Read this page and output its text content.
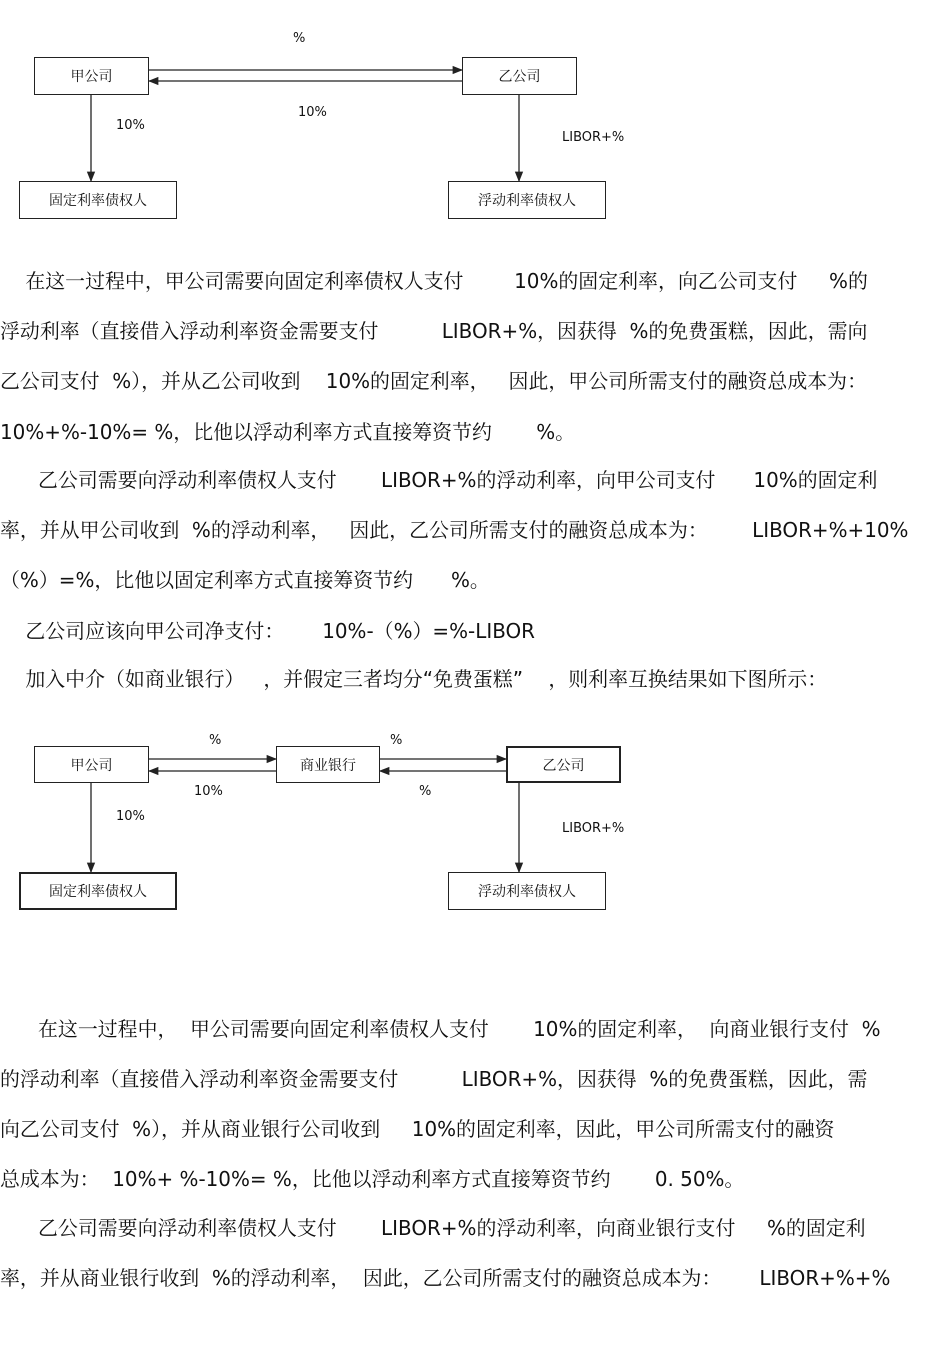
甲公司	乙公司
固定利率债权人	浮动利率债权人
%
10%
10%
LIBOR+%
在这一过程中，甲公司需要向固定利率债权人支付        10%的固定利率，向乙公司支付     %的
浮动利率（直接借入浮动利率资金需要支付          LIBOR+%，因获得  %的免费蛋糕，因此，需向
乙公司支付  %），并从乙公司收到    10%的固定利率，   因此，甲公司所需支付的融资总成本为：
10%+%-10%= %，比他以浮动利率方式直接筹资节约       %。
乙公司需要向浮动利率债权人支付       LIBOR+%的浮动利率，向甲公司支付      10%的固定利
率，并从甲公司收到  %的浮动利率，   因此，乙公司所需支付的融资总成本为：       LIBOR+%+10%
（%）=%，比他以固定利率方式直接筹资节约      %。
乙公司应该向甲公司净支付：      10%-（%）=%-LIBOR
加入中介（如商业银行）   ，并假定三者均分“免费蛋糕”    ，则利率互换结果如下图所示：
甲公司	商业银行	乙公司
固定利率债权人	浮动利率债权人
%	%
10%	%
10%
LIBOR+%
在这一过程中，  甲公司需要向固定利率债权人支付       10%的固定利率，  向商业银行支付  %
的浮动利率（直接借入浮动利率资金需要支付          LIBOR+%，因获得  %的免费蛋糕，因此，需
向乙公司支付  %），并从商业银行公司收到     10%的固定利率，因此，甲公司所需支付的融资
总成本为：  10%+ %-10%= %，比他以浮动利率方式直接筹资节约       0. 50%。
乙公司需要向浮动利率债权人支付       LIBOR+%的浮动利率，向商业银行支付     %的固定利
率，并从商业银行收到  %的浮动利率，  因此，乙公司所需支付的融资总成本为：      LIBOR+%+%
